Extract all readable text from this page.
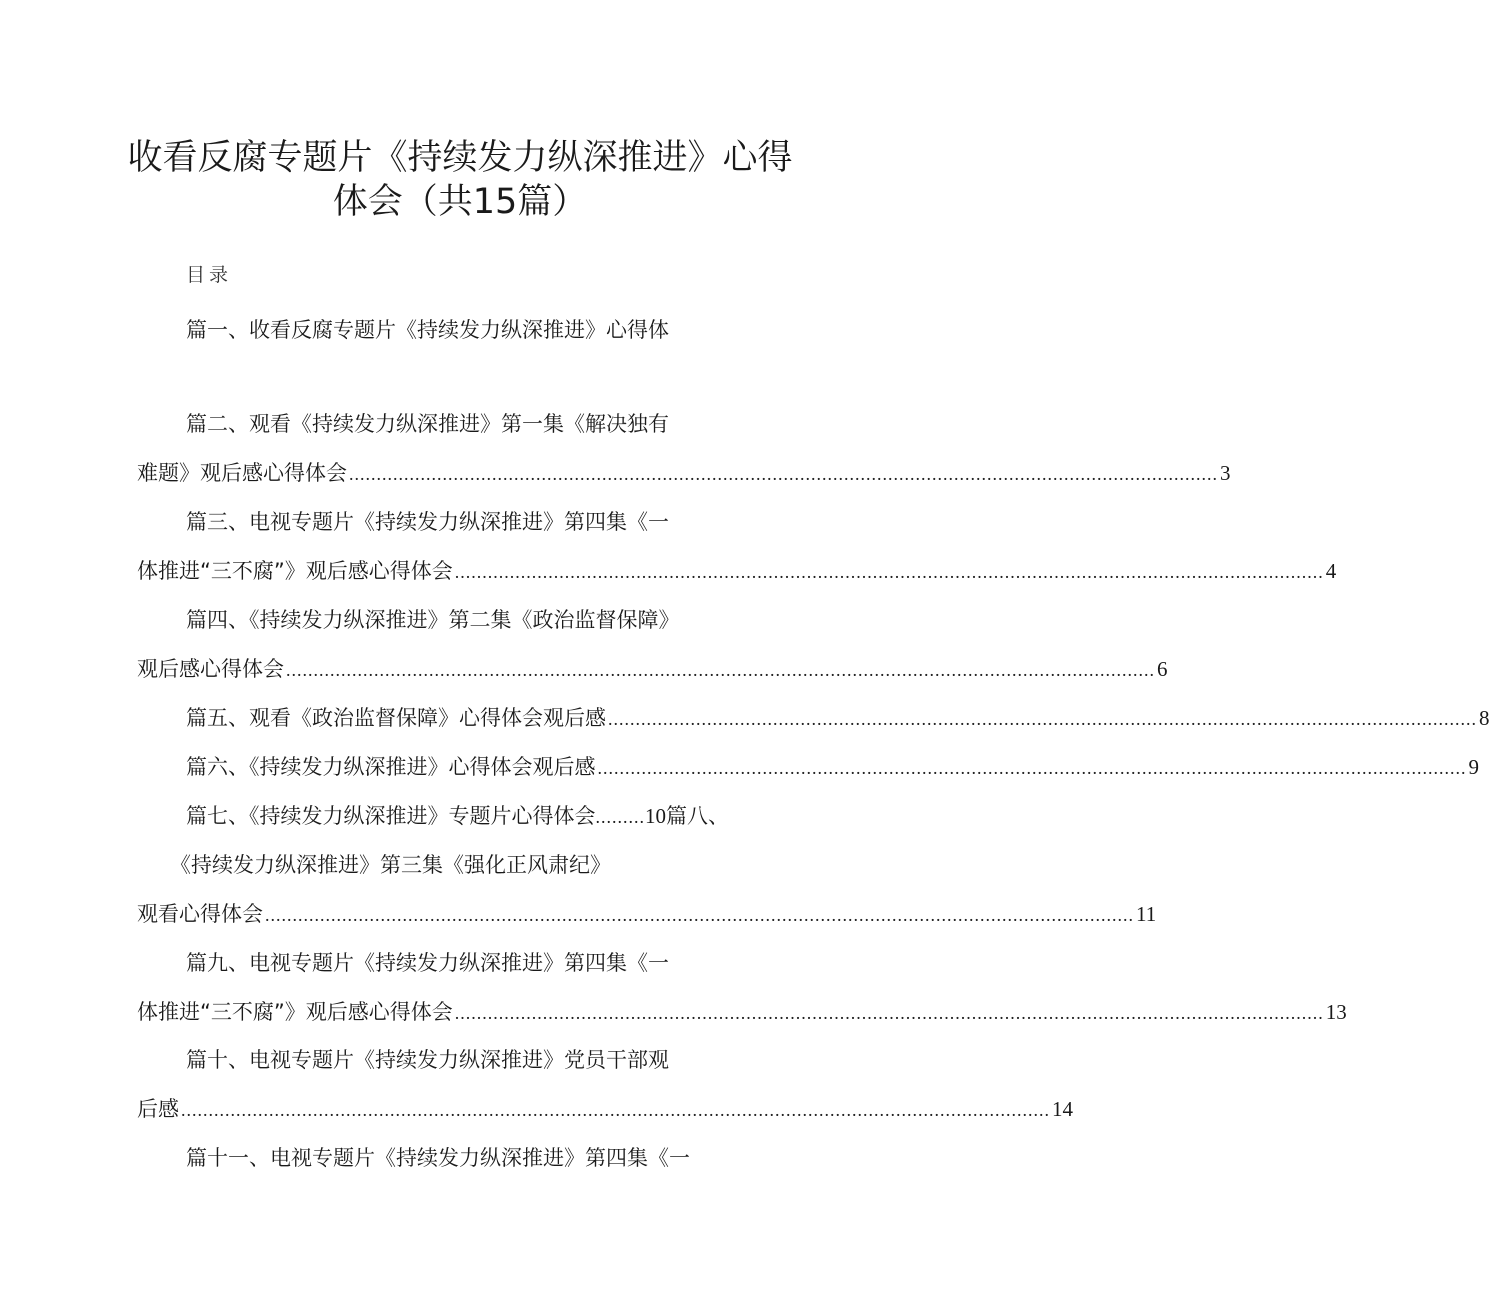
收看反腐专题片《持续发力纵深推进》心得
体会（共15篇）
目录
篇一、收看反腐专题片《持续发力纵深推进》心得体
篇二、观看《持续发力纵深推进》第一集《解决独有
难题》观后感心得体会 .............................................................................................................................................................. 3
篇三、电视专题片《持续发力纵深推进》第四集《一
体推进“三不腐”》观后感心得体会 .............................................................................................................................................................. 4
篇四、《持续发力纵深推进》第二集《政治监督保障》
观后感心得体会 .............................................................................................................................................................. 6
篇五、观看《政治监督保障》心得体会观后感 .............................................................................................................................................................. 8
篇六、《持续发力纵深推进》心得体会观后感 .............................................................................................................................................................. 9
篇七、《持续发力纵深推进》专题片心得体会.........10篇八、
《持续发力纵深推进》第三集《强化正风肃纪》
观看心得体会 .............................................................................................................................................................. 11
篇九、电视专题片《持续发力纵深推进》第四集《一
体推进“三不腐”》观后感心得体会 .............................................................................................................................................................. 13
篇十、电视专题片《持续发力纵深推进》党员干部观
后感 .............................................................................................................................................................. 14
篇十一、电视专题片《持续发力纵深推进》第四集《一
